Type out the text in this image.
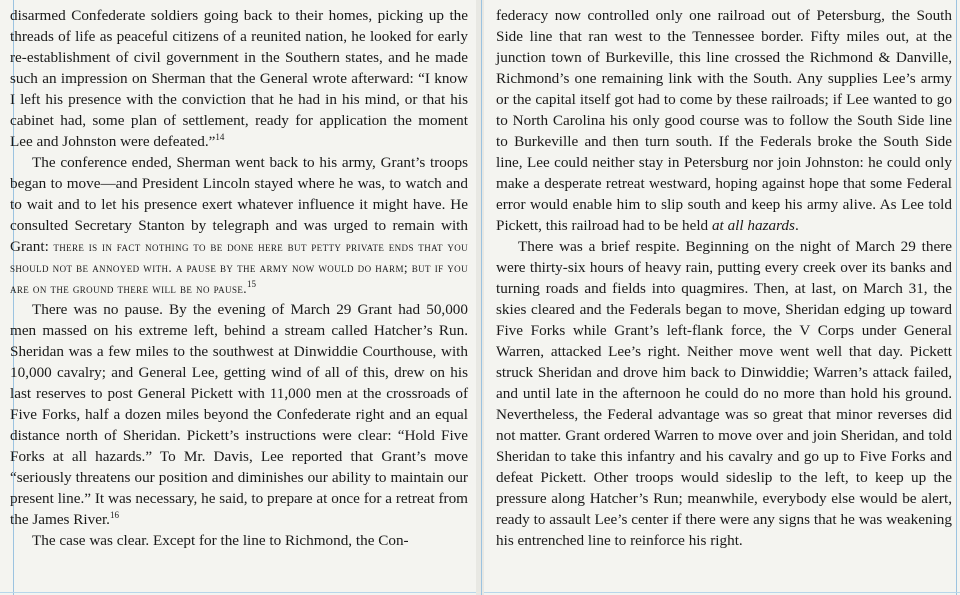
disarmed Confederate soldiers going back to their homes, picking up the threads of life as peaceful citizens of a reunited nation, he looked for early re-establishment of civil government in the Southern states, and he made such an impression on Sherman that the General wrote afterward: “I know I left his presence with the conviction that he had in his mind, or that his cabinet had, some plan of settlement, ready for application the moment Lee and Johnston were defeated.”$^{14}$

The conference ended, Sherman went back to his army, Grant’s troops began to move—and President Lincoln stayed where he was, to watch and to wait and to let his presence exert whatever influence it might have. He consulted Secretary Stanton by telegraph and was urged to remain with Grant: there is in fact nothing to be done here but petty private ends that you should not be annoyed with. a pause by the army now would do harm; but if you are on the ground there will be no pause.$^{15}$

There was no pause. By the evening of March 29 Grant had 50,000 men massed on his extreme left, behind a stream called Hatcher’s Run. Sheridan was a few miles to the southwest at Dinwiddie Courthouse, with 10,000 cavalry; and General Lee, getting wind of all of this, drew on his last reserves to post General Pickett with 11,000 men at the crossroads of Five Forks, half a dozen miles beyond the Confederate right and an equal distance north of Sheridan. Pickett’s instructions were clear: “Hold Five Forks at all hazards.” To Mr. Davis, Lee reported that Grant’s move “seriously threatens our position and diminishes our ability to maintain our present line.” It was necessary, he said, to prepare at once for a retreat from the James River.$^{16}$

The case was clear. Except for the line to Richmond, the Con-

federacy now controlled only one railroad out of Petersburg, the South Side line that ran west to the Tennessee border. Fifty miles out, at the junction town of Burkeville, this line crossed the Richmond & Danville, Richmond’s one remaining link with the South. Any supplies Lee’s army or the capital itself got had to come by these railroads; if Lee wanted to go to North Carolina his only good course was to follow the South Side line to Burkeville and then turn south. If the Federals broke the South Side line, Lee could neither stay in Petersburg nor join Johnston: he could only make a desperate retreat westward, hoping against hope that some Federal error would enable him to slip south and keep his army alive. As Lee told Pickett, this railroad had to be held at all hazards.

There was a brief respite. Beginning on the night of March 29 there were thirty-six hours of heavy rain, putting every creek over its banks and turning roads and fields into quagmires. Then, at last, on March 31, the skies cleared and the Federals began to move, Sheridan edging up toward Five Forks while Grant’s left-flank force, the V Corps under General Warren, attacked Lee’s right. Neither move went well that day. Pickett struck Sheridan and drove him back to Dinwiddie; Warren’s attack failed, and until late in the afternoon he could do no more than hold his ground. Nevertheless, the Federal advantage was so great that minor reverses did not matter. Grant ordered Warren to move over and join Sheridan, and told Sheridan to take this infantry and his cavalry and go up to Five Forks and defeat Pickett. Other troops would sideslip to the left, to keep up the pressure along Hatcher’s Run; meanwhile, everybody else would be alert, ready to assault Lee’s center if there were any signs that he was weakening his entrenched line to reinforce his right.
